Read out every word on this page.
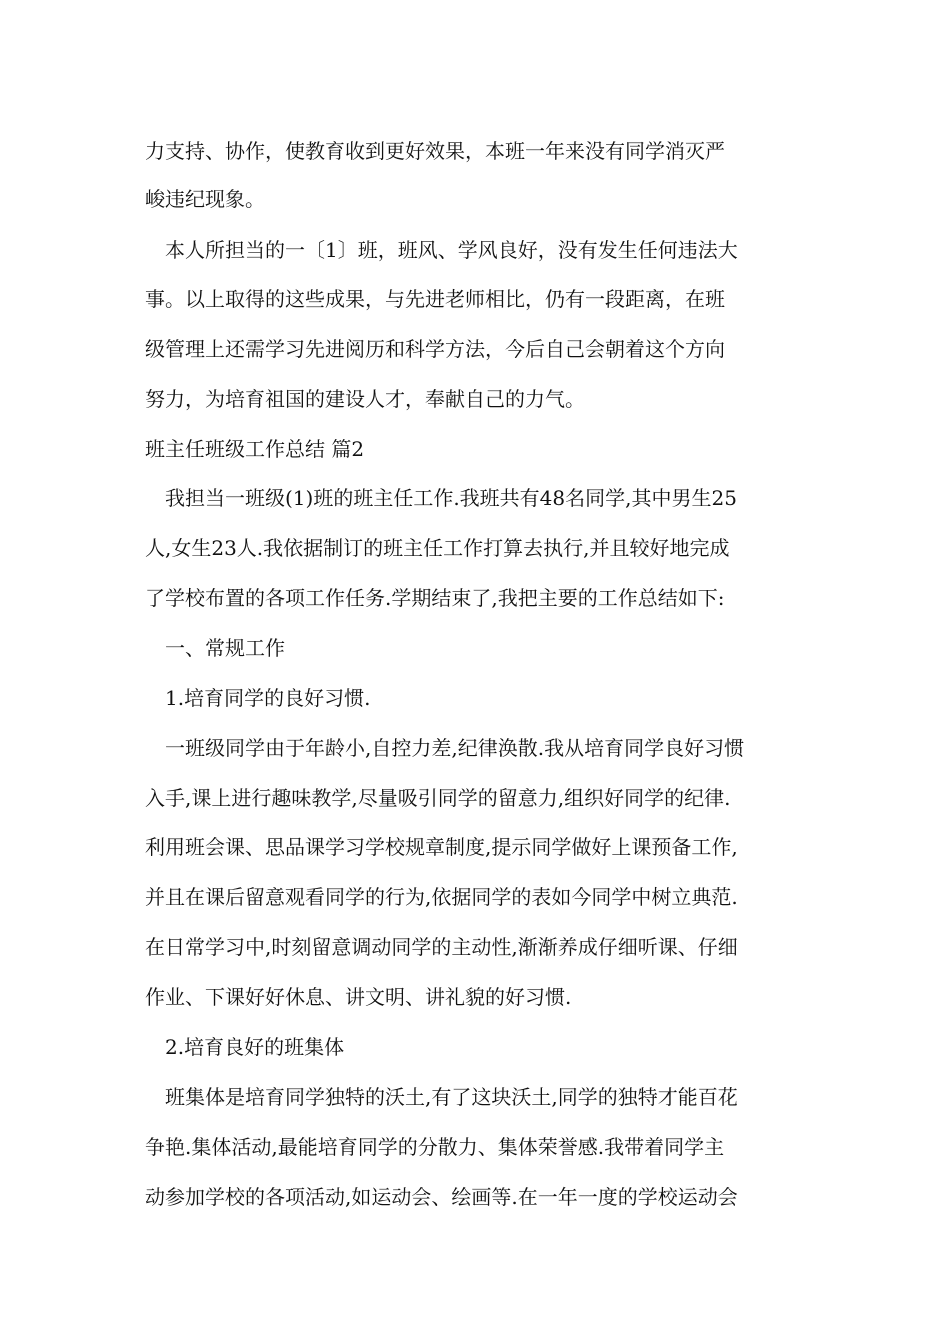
力支持、协作，使教育收到更好效果，本班一年来没有同学消灭严
峻违纪现象。
本人所担当的一〔1〕班，班风、学风良好，没有发生任何违法大
事。以上取得的这些成果，与先进老师相比，仍有一段距离，在班
级管理上还需学习先进阅历和科学方法，今后自己会朝着这个方向
努力，为培育祖国的建设人才，奉献自己的力气。
班主任班级工作总结 篇2
我担当一班级(1)班的班主任工作.我班共有48名同学,其中男生25
人,女生23人.我依据制订的班主任工作打算去执行,并且较好地完成
了学校布置的各项工作任务.学期结束了,我把主要的工作总结如下:
一、常规工作
1.培育同学的良好习惯.
一班级同学由于年龄小,自控力差,纪律涣散.我从培育同学良好习惯
入手,课上进行趣味教学,尽量吸引同学的留意力,组织好同学的纪律.
利用班会课、思品课学习学校规章制度,提示同学做好上课预备工作,
并且在课后留意观看同学的行为,依据同学的表如今同学中树立典范.
在日常学习中,时刻留意调动同学的主动性,渐渐养成仔细听课、仔细
作业、下课好好休息、讲文明、讲礼貌的好习惯.
2.培育良好的班集体
班集体是培育同学独特的沃土,有了这块沃土,同学的独特才能百花
争艳.集体活动,最能培育同学的分散力、集体荣誉感.我带着同学主
动参加学校的各项活动,如运动会、绘画等.在一年一度的学校运动会
